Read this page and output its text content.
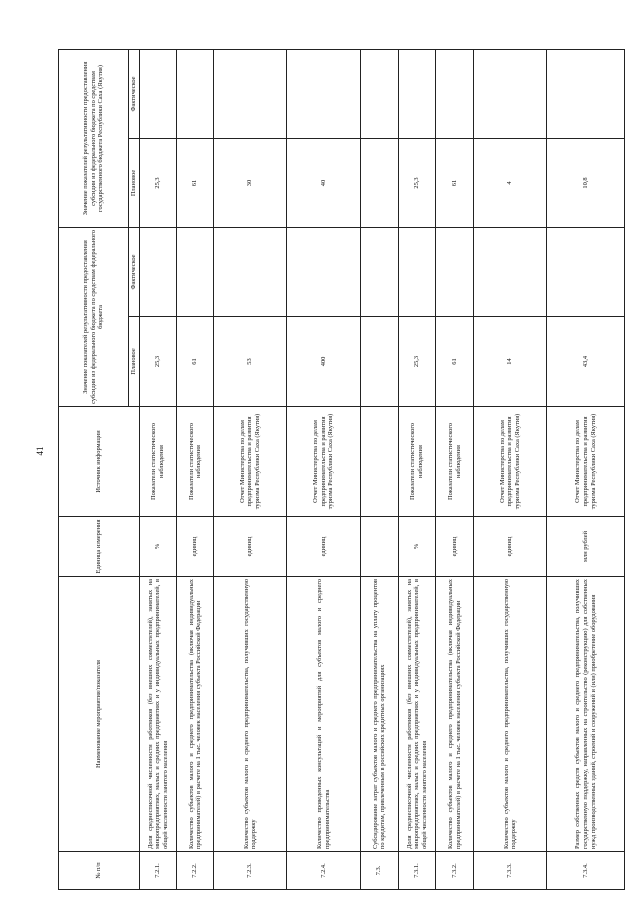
41
№ п/п	Наименование мероприятия/показателя	Единица измерения	Источник информации	Значение показателей результативности предоставления субсидии из федерального бюджета по средствам федерального бюджета		Значение показателей результативности предоставления субсидии из федерального бюджета по средствам государственного бюджета Республики Саха (Якутия)	
				Плановое	Фактическое	Плановое	Фактическое
7.2.1.	Доля среднесписочной численности работников (без внешних совместителей), занятых на микропредприятиях, малых и средних предприятиях и у индивидуальных предпринимателей, в общей численности занятого населения	%	Показатели статистического наблюдения	25,3		25,3	
7.2.2.	Количество субъектов малого и среднего предпринимательства (включая индивидуальных предпринимателей) в расчете на 1 тыс. человек населения субъекта Российской Федерации	единиц	Показатели статистического наблюдения	61		61	
7.2.3.	Количество субъектов малого и среднего предпринимательства, получивших государственную поддержку	единиц	Отчет Министерства по делам предпринимательства и развития туризма Республики Саха (Якутия)	53		30	
7.2.4.	Количество проведенных консультаций и мероприятий для субъектов малого и среднего предпринимательства	единиц	Отчет Министерства по делам предпринимательства и развития туризма Республики Саха (Якутия)	400		40	
7.3.	Субсидирование затрат субъектов малого и среднего предпринимательства на уплату процентов по кредитам, привлеченным в российских кредитных организациях						
7.3.1.	Доля среднесписочной численности работников (без внешних совместителей), занятых на микропредприятиях, малых и средних предприятиях и у индивидуальных предпринимателей, в общей численности занятого населения	%	Показатели статистического наблюдения	25,3		25,3	
7.3.2.	Количество субъектов малого и среднего предпринимательства (включая индивидуальных предпринимателей) в расчете на 1 тыс. человек населения субъекта Российской Федерации	единиц	Показатели статистического наблюдения	61		61	
7.3.3.	Количество субъектов малого и среднего предпринимательства, получивших государственную поддержку	единиц	Отчет Министерства по делам предпринимательства и развития туризма Республики Саха (Якутия)	14		4	
7.3.4.	Размер собственных средств субъектов малого и среднего предпринимательства, получивших государственную поддержку, направленных на строительство (реконструкцию) для собственных нужд производственных зданий, строений и сооружений и (или) приобретение оборудования	млн рублей	Отчет Министерства по делам предпринимательства и развития туризма Республики Саха (Якутия)	43,4		10,8	
